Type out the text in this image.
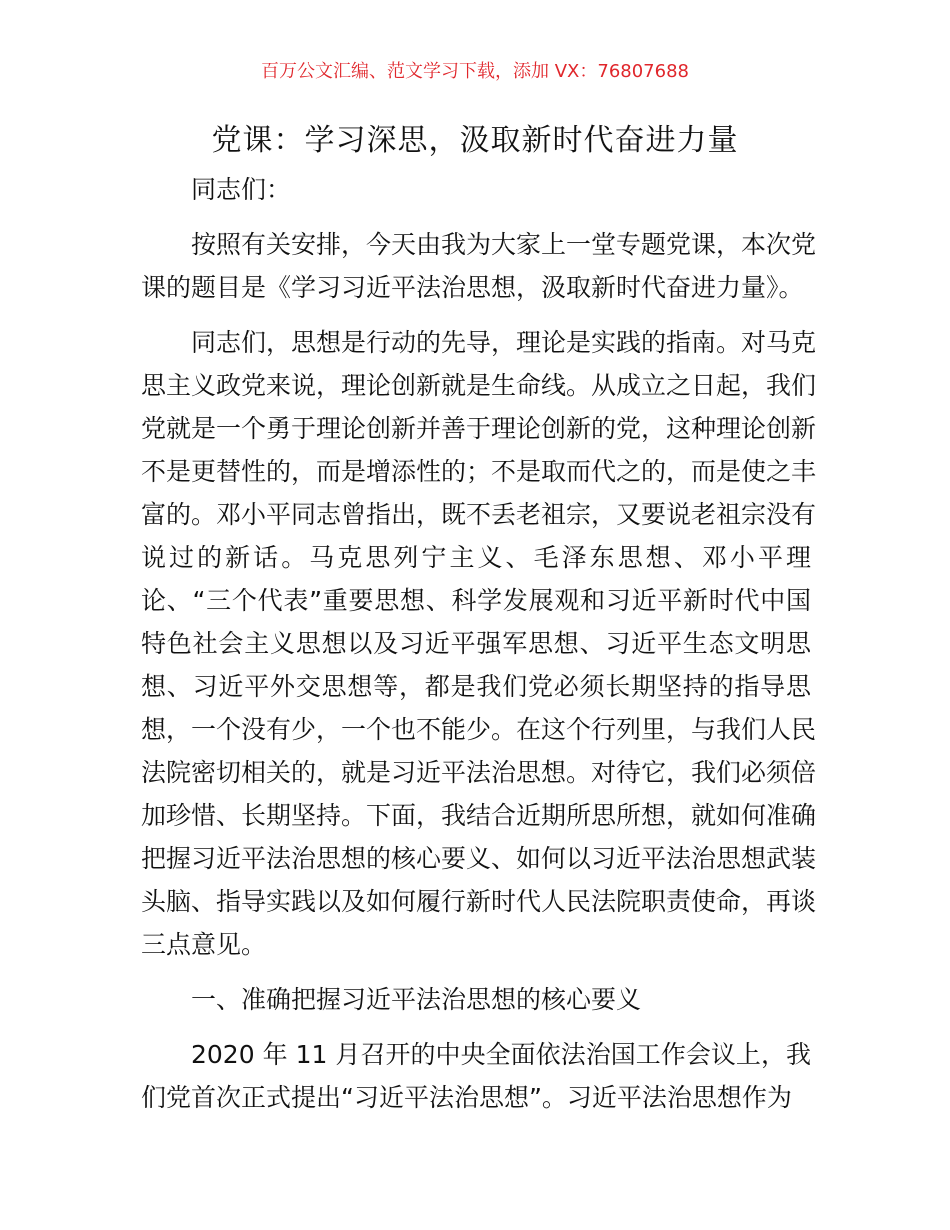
百万公文汇编、范文学习下载，添加 VX：76807688
党课：学习深思，汲取新时代奋进力量
同志们：
按照有关安排，今天由我为大家上一堂专题党课，本次党
课的题目是《学习习近平法治思想，汲取新时代奋进力量》。
同志们，思想是行动的先导，理论是实践的指南。对马克
思主义政党来说，理论创新就是生命线。从成立之日起，我们
党就是一个勇于理论创新并善于理论创新的党，这种理论创新
不是更替性的，而是增添性的；不是取而代之的，而是使之丰
富的。邓小平同志曾指出，既不丢老祖宗，又要说老祖宗没有
说过的新话。马克思列宁主义、毛泽东思想、邓小平理
论、“三个代表”重要思想、科学发展观和习近平新时代中国
特色社会主义思想以及习近平强军思想、习近平生态文明思
想、习近平外交思想等，都是我们党必须长期坚持的指导思
想，一个没有少，一个也不能少。在这个行列里，与我们人民
法院密切相关的，就是习近平法治思想。对待它，我们必须倍
加珍惜、长期坚持。下面，我结合近期所思所想，就如何准确
把握习近平法治思想的核心要义、如何以习近平法治思想武装
头脑、指导实践以及如何履行新时代人民法院职责使命，再谈
三点意见。
一、准确把握习近平法治思想的核心要义
2020 年 11 月召开的中央全面依法治国工作会议上，我
们党首次正式提出“习近平法治思想”。习近平法治思想作为
